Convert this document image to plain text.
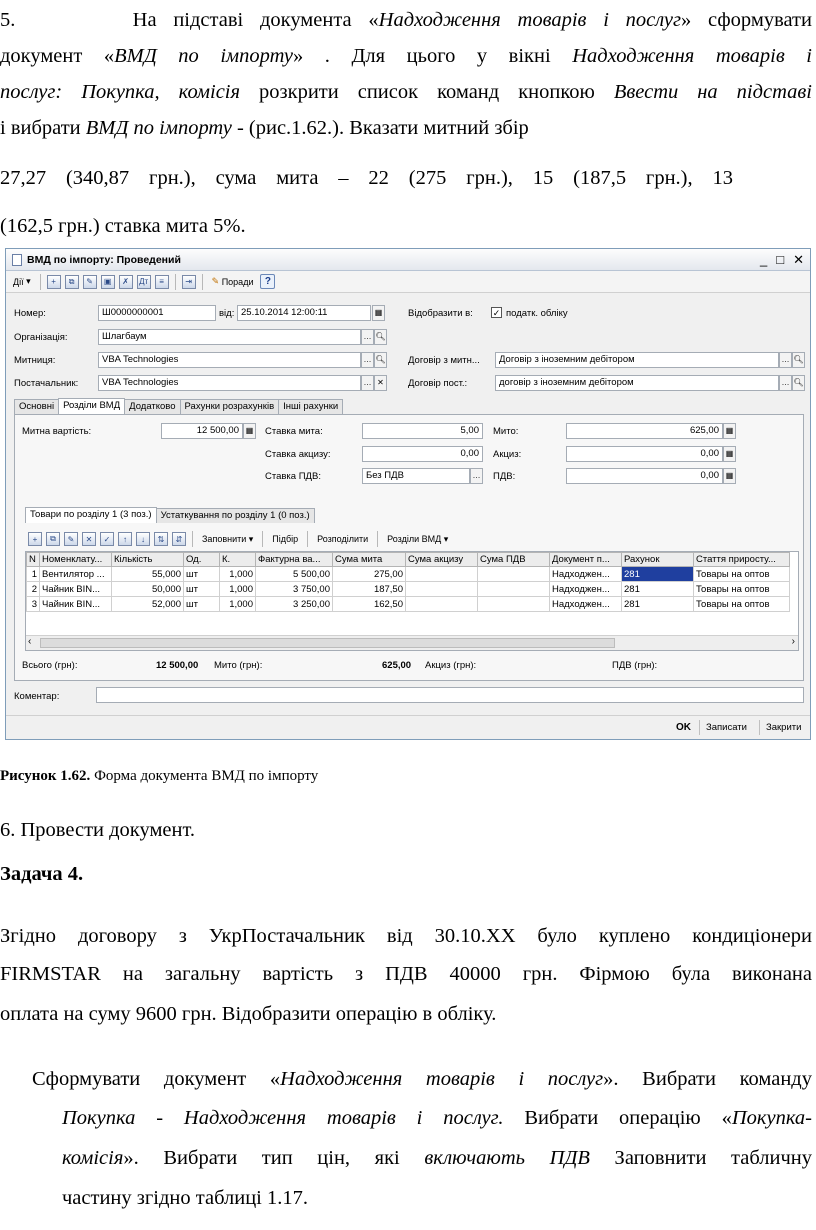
5.	На підставі документа «Надходження товарів і послуг» сформувати
документ «ВМД по імпорту» . Для цього у вікні Надходження товарів і
послуг: Покупка, комісія розкрити список команд кнопкою Ввести на підставі
і вибрати ВМД по імпорту - (рис.1.62.). Вказати митний збір
27,27 (340,87 грн.), сума мита – 22 (275 грн.), 15 (187,5 грн.), 13
(162,5 грн.) ставка мита 5%.
ВМД по імпорту: Проведений	_ □ ✕
Дії ▾	+	⧉	✎	▣	✗	Дт	≡	⇥	✎
Поради	?
Номер:	Ш0000000001	від: 25.10.2014 12:00:11	▦	Відобразити в: ✓ податк. обліку
Організація:	Шлагбаум	… 🔍︎
Митниця:	VBA Technologies	… 🔍︎ Договір з митн...	Договір з іноземним дебітором	… 🔍︎
Постачальник:	VBA Technologies	… ✕	Договір пост.:	договір з іноземним дебітором	… 🔍︎
Основні Розділи ВМД Додатково Рахунки розрахунків Інші рахунки
Митна вартість:	12 500,00 ▦ Ставка мита:	5,00	Мито:	625,00 ▦
Ставка акцизу:	0,00	Акциз:	0,00 ▦
Ставка ПДВ:	Без ПДВ	… ПДВ:	0,00 ▦
Товари по розділу 1 (3 поз.) Устаткування по розділу 1 (0 поз.)
+	⧉	✎	✕	✓	↑	↓	⇅	⇵	Заповнити ▾	Підбір	Розподілити	Розділи ВМД ▾
N	Номенклату...	Кількість	Од.	К.	Фактурна ва...	Сума мита	Сума акцизу	Сума ПДВ	Документ п...	Рахунок	Стаття приросту...
1	Вентилятор ...	55,000	шт	1,000	5 500,00	275,00			Надходжен...	281	Товары на оптов
2	Чайник BIN...	50,000	шт	1,000	3 750,00	187,50			Надходжен...	281	Товары на оптов
3	Чайник BIN...	52,000	шт	1,000	3 250,00	162,50			Надходжен...	281	Товары на оптов
‹	›
Всього (грн):	12 500,00 Мито (грн):	625,00 Акциз (грн):	ПДВ (грн):
Коментар:
OK Записати Закрити
Рисунок 1.62. Форма документа ВМД по імпорту
6. Провести документ.
Задача 4.
Згідно договору з УкрПостачальник від 30.10.ХХ було куплено кондиціонери
FIRMSTAR на загальну вартість з ПДВ 40000 грн. Фірмою була виконана
оплата на суму 9600 грн. Відобразити операцію в обліку.
Сформувати документ «Надходження товарів і послуг». Вибрати команду
Покупка - Надходження товарів і послуг. Вибрати операцію «Покупка-
комісія». Вибрати тип цін, які включають ПДВ Заповнити табличну
частину згідно таблиці 1.17.
